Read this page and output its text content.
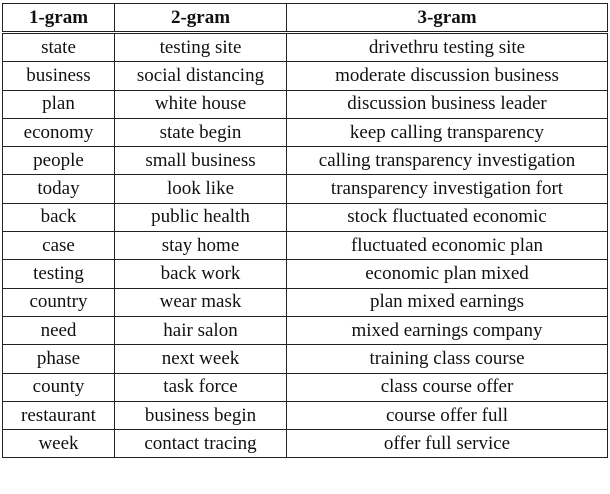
1-gram	2-gram	3-gram
state	testing site	drivethru testing site
business	social distancing	moderate discussion business
plan	white house	discussion business leader
economy	state begin	keep calling transparency
people	small business	calling transparency investigation
today	look like	transparency investigation fort
back	public health	stock fluctuated economic
case	stay home	fluctuated economic plan
testing	back work	economic plan mixed
country	wear mask	plan mixed earnings
need	hair salon	mixed earnings company
phase	next week	training class course
county	task force	class course offer
restaurant	business begin	course offer full
week	contact tracing	offer full service
